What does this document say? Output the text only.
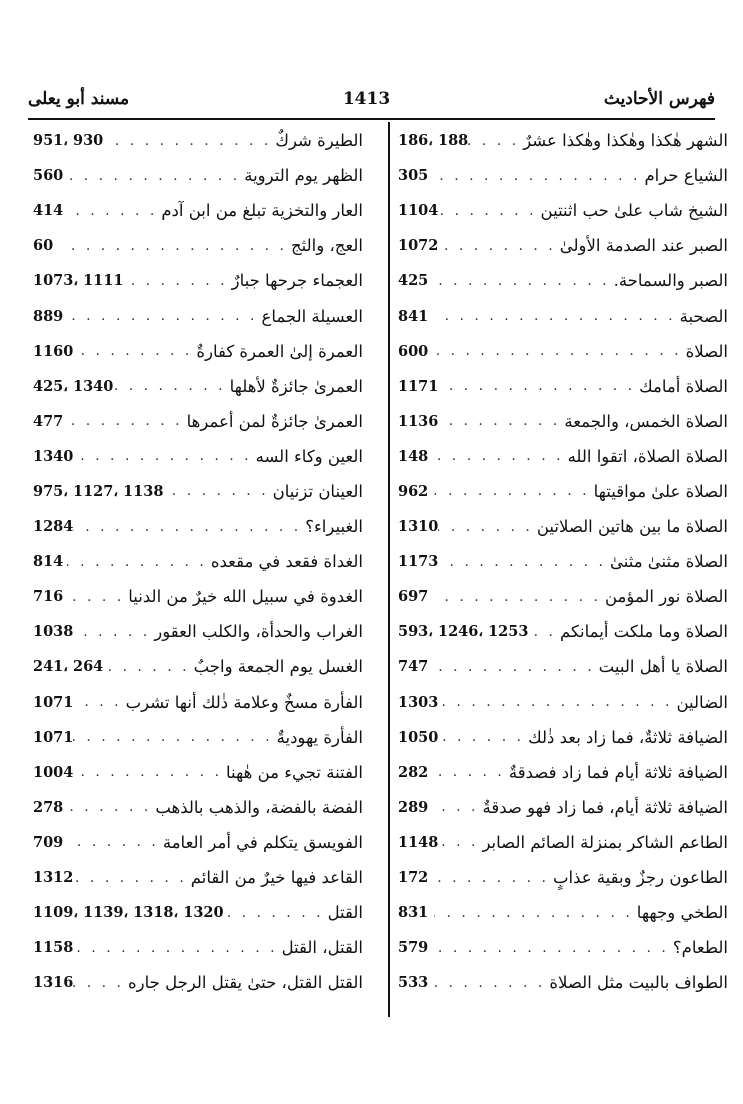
مسند أبو يعلى	1413	فهرس الأحاديث
الشهر هٰكذا وهٰكذا وهٰكذا عشرٌ
. . .
186، 188
الشياع حرام
. . .
305
الشيخ شاب علىٰ حب اثنتين
. . .
1104
الصبر عند الصدمة الأولىٰ
. . .
1072
الصبر والسماحة.
. . .
425
الصحبة
. . .
841
الصلاة
. . .
600
الصلاة أمامك
. . .
1171
الصلاة الخمس، والجمعة
. . .
1136
الصلاة الصلاة، اتقوا الله
. . .
148
الصلاة علىٰ مواقيتها
. . .
962
الصلاة ما بين هاتين الصلاتين
. . .
1310
الصلاة مثنىٰ مثنىٰ
. . .
1173
الصلاة نور المؤمن
. . .
697
الصلاة وما ملكت أيمانكم
. . .
593، 1246، 1253
الصلاة يا أهل البيت
. . .
747
الضالين
. . .
1303
الضيافة ثلاثةٌ، فما زاد بعد ذٰلك
. . .
1050
الضيافة ثلاثة أيام فما زاد فصدقةٌ
. . .
282
الضيافة ثلاثة أيام، فما زاد فهو صدقةٌ
. . .
289
الطاعم الشاكر بمنزلة الصائم الصابر
. . .
1148
الطاعون رجزٌ وبقية عذابٍ
. . .
172
الطخي وجهها
. . .
831
الطعام؟
. . .
579
الطواف بالبيت مثل الصلاة
. . .
533
الطيرة شركٌ
. . .
951، 930
الظهر يوم التروية
. . .
560
العار والتخزية تبلغ من ابن آدم
. . .
414
العج، والثج
. . .
60
العجماء جرحها جبارٌ
. . .
1073، 1111
العسيلة الجماع
. . .
889
العمرة إلىٰ العمرة كفارةٌ
. . .
1160
العمرىٰ جائزةٌ لأهلها
. . .
425، 1340
العمرىٰ جائزةٌ لمن أعمرها
. . .
477
العين وكاء السه
. . .
1340
العينان تزنيان
. . .
975، 1127، 1138
الغبيراء؟
. . .
1284
الغداة فقعد في مقعده
. . .
814
الغدوة في سبيل الله خيرٌ من الدنيا
. . .
716
الغراب والحدأة، والكلب العقور
. . .
1038
الغسل يوم الجمعة واجبٌ
. . .
241، 264
الفأرة مسخٌ وعلامة ذٰلك أنها تشرب
. . .
1071
الفأرة يهوديةٌ
. . .
1071
الفتنة تجيء من هٰهنا
. . .
1004
الفضة بالفضة، والذهب بالذهب
. . .
278
الفويسق يتكلم في أمر العامة
. . .
709
القاعد فيها خيرٌ من القائم
. . .
1312
القتل
. . .
1109، 1139، 1318، 1320
القتل، القتل
. . .
1158
القتل القتل، حتىٰ يقتل الرجل جاره
. . .
1316
